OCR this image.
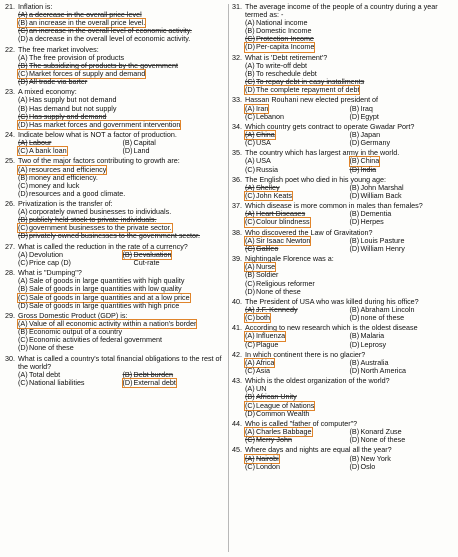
21. Inflation is:
(A) a decrease in the overall price level
(B) an increase in the overall price level.
(C) an increase in the overall level of economic activity.
(D) a decrease in the overall level of economic activity.
22. The free market involves:
(A) The free provision of products
(B) The subsidizing of products by the government
(C) Market forces of supply and demand
(D) All trade via barter
23. A mixed economy:
(A) Has supply but not demand
(B) Has demand but not supply
(C) Has supply and demand
(D) Has market forces and government intervention
24. Indicate below what is NOT a factor of production.
(A) Labour	(B) Capital
(C) A bank loan	(D) Land
25. Two of the major factors contributing to growth are:
(A) resources and efficiency
(B) money and efficiency.
(C) money and luck
(D) resources and a good climate.
26. Privatization is the transfer of:
(A) corporately owned businesses to individuals.
(B) publicly held stock to private individuals.
(C) government businesses to the private sector.
(D) privately owned businesses to the government sector.
27. What is called the reduction in the rate of a currency?
(A) Devolution	(B) Devaluation
(C) Price cap (D)	Cut-rate
28. What is "Dumping"?
(A) Sale of goods in large quantities with high quality
(B) Sale of goods in large quantities with low quality
(C) Sale of goods in large quantities and at a low price
(D) Sale of goods in large quantities with high price
29. Gross Domestic Product (GDP) is:
(A) Value of all economic activity within a nation's border
(B) Economic output of a country
(C) Economic activities of federal government
(D) None of these
30. What is called a country's total financial obligations to the rest of the world?
(A) Total debt	(B) Debt burden
(C) National liabilities	(D) External debt
31. The average income of the people of a country during a year termed as: -
(A) National income
(B) Domestic Income
(C) Protection Income
(D) Per-capita Income
32. What is 'Debt retirement'?
(A) To write-off debt
(B) To reschedule debt
(C) To repay debt in easy installments
(D) The complete repayment of debt
33. Hassan Rouhani new elected president of
(A) Iran	(B) Iraq
(C) Lebanon	(D) Egypt
34. Which country gets contract to operate Gwadar Port?
(A) China	(B) Japan
(C) USA	(D) Germany
35. The country which has largest army in the world.
(A) USA	(B) China
(C) Russia	(D) India
36. The English poet who died in his young age:
(A) Shelley	(B) John Marshal
(C) John Keats	(D) William Back
37. Which disease is more common in males than females?
(A) Heart Diseases	(B) Dementia
(C) Colour blindness	(D) Herpes
38. Who discovered the Law of Gravitation?
(A) Sir Isaac Newton	(B) Louis Pasture
(C) Galileo	(D) William Henry
39. Nightingale Florence was a:
(A) Nurse
(B) Soldier
(C) Religious reformer
(D) None of these
40. The President of USA who was killed during his office?
(A) J.F. Kennedy	(B) Abraham Lincoln
(C) both	(D) none of these
41. According to new research which is the oldest disease
(A) Influenza	(B) Malaria
(C) Plague	(D) Leprosy
42. In which continent there is no glacier?
(A) Africa	(B) Australia
(C) Asia	(D) North America
43. Which is the oldest organization of the world?
(A) UN
(B) African Unity
(C) League of Nations
(D) Common Wealth
44. Who is called "father of computer"?
(A) Charles Babbage	(B) Konard Zuse
(C) Merry John	(D) None of these
45. Where days and nights are equal all the year?
(A) Nairobi	(B) New York
(C) London	(D) Oslo
